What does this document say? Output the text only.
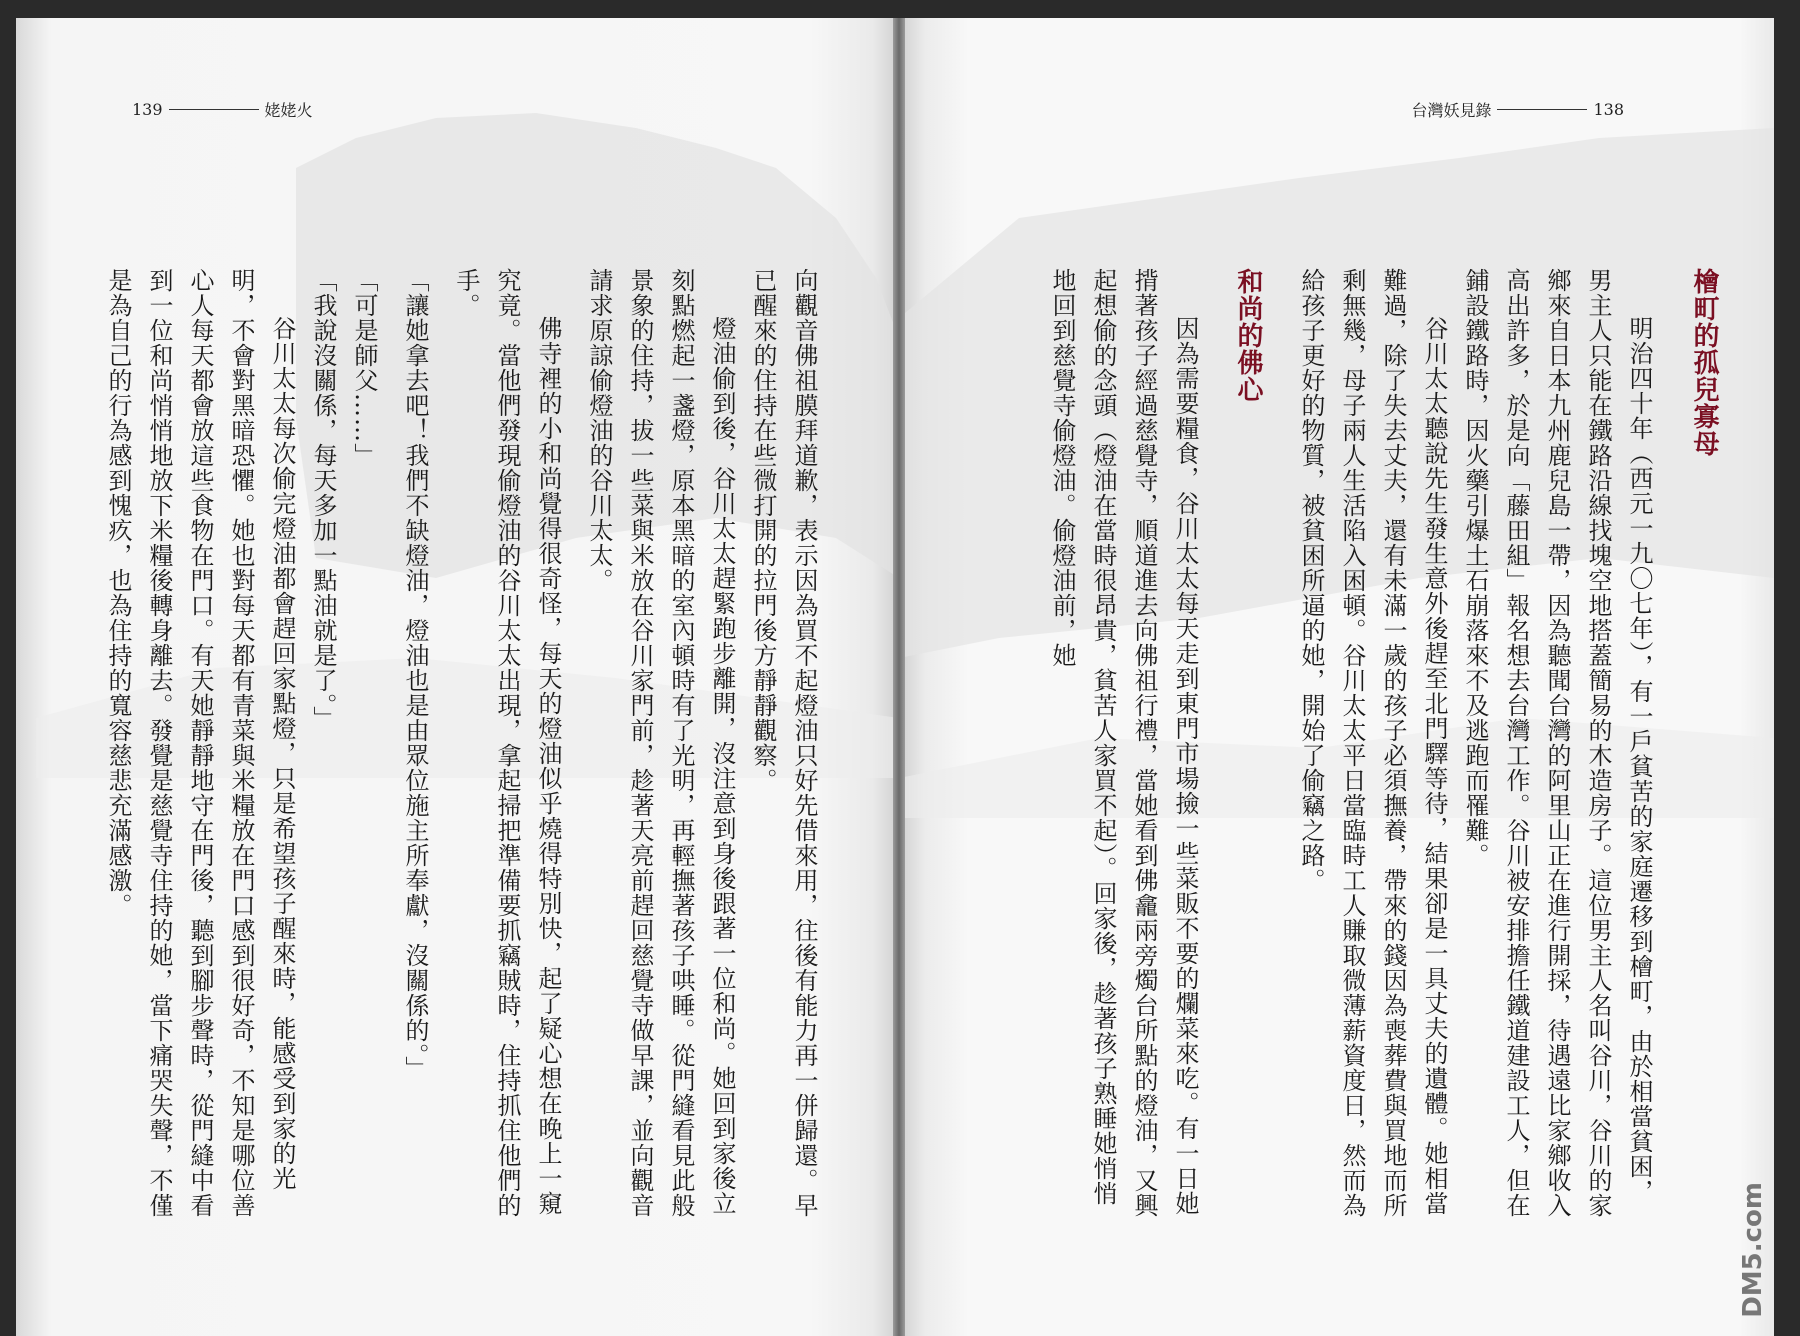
139	姥姥火

向觀音佛祖膜拜道歉，表示因為買不起燈油只好先借來用，往後有能力再一併歸還。早已醒來的住持在些微打開的拉門後方靜靜觀察。

燈油偷到後，谷川太太趕緊跑步離開，沒注意到身後跟著一位和尚。她回到家後立刻點燃起一盞燈，原本黑暗的室內頓時有了光明，再輕撫著孩子哄睡。從門縫看見此般景象的住持，拔一些菜與米放在谷川家門前，趁著天亮前趕回慈覺寺做早課，並向觀音請求原諒偷燈油的谷川太太。

佛寺裡的小和尚覺得很奇怪，每天的燈油似乎燒得特別快，起了疑心想在晚上一窺究竟。當他們發現偷燈油的谷川太太出現，拿起掃把準備要抓竊賊時，住持抓住他們的手。

「讓她拿去吧！我們不缺燈油，燈油也是由眾位施主所奉獻，沒關係的。」

「可是師父……」

「我說沒關係，每天多加一點油就是了。」

谷川太太每次偷完燈油都會趕回家點燈，只是希望孩子醒來時，能感受到家的光明，不會對黑暗恐懼。她也對每天都有青菜與米糧放在門口感到很好奇，不知是哪位善心人每天都會放這些食物在門口。有天她靜靜地守在門後，聽到腳步聲時，從門縫中看到一位和尚悄悄地放下米糧後轉身離去。發覺是慈覺寺住持的她，當下痛哭失聲，不僅是為自己的行為感到愧疚，也為住持的寬容慈悲充滿感激。

台灣妖見錄	138

檜町的孤兒寡母

明治四十年（西元一九〇七年），有一戶貧苦的家庭遷移到檜町，由於相當貧困，男主人只能在鐵路沿線找塊空地搭蓋簡易的木造房子。這位男主人名叫谷川，谷川的家鄉來自日本九州鹿兒島一帶，因為聽聞台灣的阿里山正在進行開採，待遇遠比家鄉收入高出許多，於是向「藤田組」報名想去台灣工作。谷川被安排擔任鐵道建設工人，但在鋪設鐵路時，因火藥引爆土石崩落來不及逃跑而罹難。

谷川太太聽說先生發生意外後趕至北門驛等待，結果卻是一具丈夫的遺體。她相當難過，除了失去丈夫，還有未滿一歲的孩子必須撫養，帶來的錢因為喪葬費與買地而所剩無幾，母子兩人生活陷入困頓。谷川太太平日當臨時工人賺取微薄薪資度日，然而為給孩子更好的物質，被貧困所逼的她，開始了偷竊之路。

和尚的佛心

因為需要糧食，谷川太太每天走到東門市場撿一些菜販不要的爛菜來吃。有一日她揹著孩子經過慈覺寺，順道進去向佛祖行禮，當她看到佛龕兩旁燭台所點的燈油，又興起想偷的念頭（燈油在當時很昂貴，貧苦人家買不起）。回家後，趁著孩子熟睡她悄悄地回到慈覺寺偷燈油。偷燈油前，她

DM5.com
